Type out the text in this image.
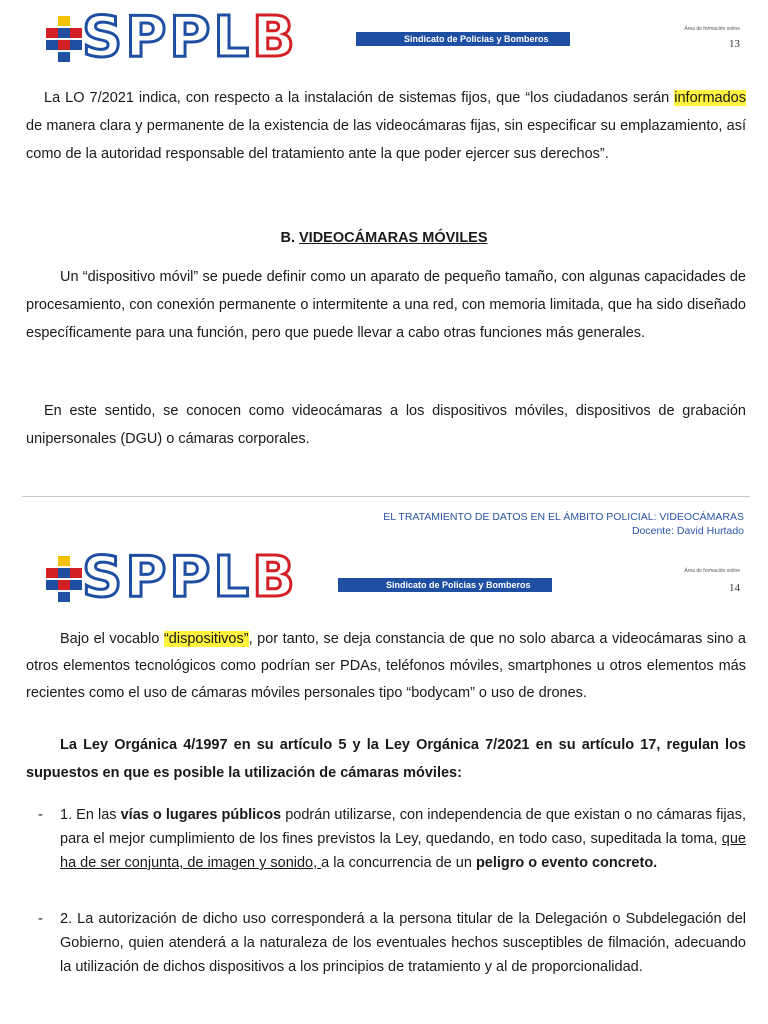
SPPLB	Sindicato de Policias y Bomberos
Área de formación online
13

La LO 7/2021 indica, con respecto a la instalación de sistemas fijos, que “los ciudadanos serán informados de manera clara y permanente de la existencia de las videocámaras fijas, sin especificar su emplazamiento, así como de la autoridad responsable del tratamiento ante la que poder ejercer sus derechos”.

B. VIDEOCÁMARAS MÓVILES

Un “dispositivo móvil” se puede definir como un aparato de pequeño tamaño, con algunas capacidades de procesamiento, con conexión permanente o intermitente a una red, con memoria limitada, que ha sido diseñado específicamente para una función, pero que puede llevar a cabo otras funciones más generales.

En este sentido, se conocen como videocámaras a los dispositivos móviles, dispositivos de grabación unipersonales (DGU) o cámaras corporales.

EL TRATAMIENTO DE DATOS EN EL ÁMBITO POLICIAL: VIDEOCÁMARAS
Docente: David Hurtado
SPPLB	Sindicato de Policias y Bomberos
Área de formación online
14

Bajo el vocablo “dispositivos”, por tanto, se deja constancia de que no solo abarca a videocámaras sino a otros elementos tecnológicos como podrían ser PDAs, teléfonos móviles, smartphones u otros elementos más recientes como el uso de cámaras móviles personales tipo “bodycam” o uso de drones.

La Ley Orgánica 4/1997 en su artículo 5 y la Ley Orgánica 7/2021 en su artículo 17, regulan los supuestos en que es posible la utilización de cámaras móviles:

- 1. En las vías o lugares públicos podrán utilizarse, con independencia de que existan o no cámaras fijas, para el mejor cumplimiento de los fines previstos la Ley, quedando, en todo caso, supeditada la toma, que ha de ser conjunta, de imagen y sonido, a la concurrencia de un peligro o evento concreto.

- 2. La autorización de dicho uso corresponderá a la persona titular de la Delegación o Subdelegación del Gobierno, quien atenderá a la naturaleza de los eventuales hechos susceptibles de filmación, adecuando la utilización de dichos dispositivos a los principios de tratamiento y al de proporcionalidad.
